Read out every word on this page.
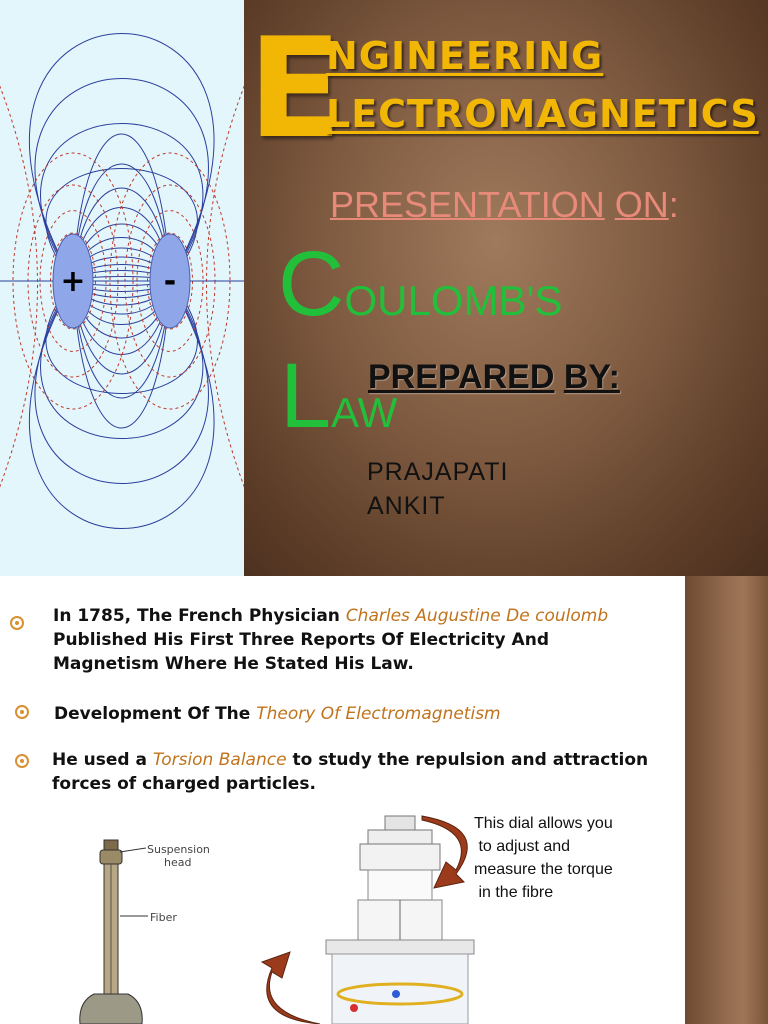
+	-
E
NGINEERING
LECTROMAGNETICS
PRESENTATION ON:
COULOMB'S
LAW
PREPARED BY:
PRAJAPATI
ANKIT
In 1785, The French Physician Charles Augustine De coulomb Published His First Three Reports Of Electricity And Magnetism Where He Stated His Law.
Development Of The Theory Of Electromagnetism
He used a Torsion Balance to study the repulsion and attraction forces of charged particles.
Suspension
head
Fiber
This dial allows you
to adjust and
measure the torque
in the fibre
